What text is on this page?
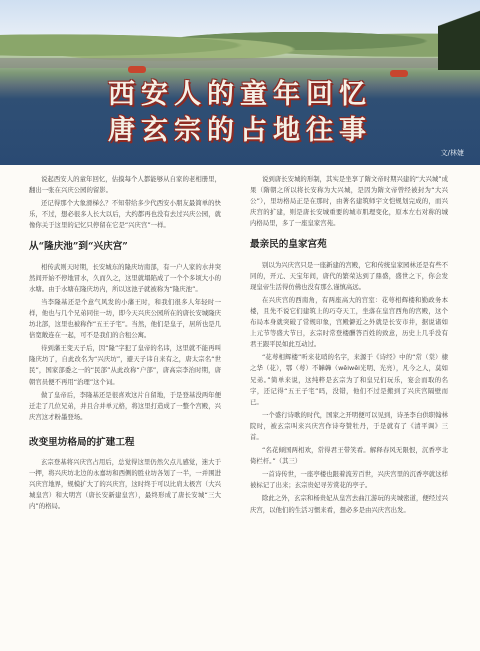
西安人的童年回忆
唐玄宗的占地往事
文/林婕

说起西安人的童年回忆，估摸每个人都能够从自家的老相册里，翻出一张在兴庆公园的留影。

还记得那个大象滑梯么？不知带给多少代西安小朋友最简单的快乐，不过，想必很多人长大以后，大约都再也没有去过兴庆公园，就像你关于这里的记忆只停留在它是“兴庆宫”一样。

从“隆庆池”到“兴庆宫”

相传武则天时期，长安城东的隆庆坊南部，有一户人家的水井突然间开始不停地冒水，久而久之，这里就塌陷成了一个个多顷大小的水塘。由于水塘在隆庆坊内，所以这池子就被称为“隆庆池”。

当李隆基还是个意气风发的小藩王时，和我们很多人年轻时一样，他也与几个兄弟同住一坊，即今天兴庆公园所在的唐长安城隆庆坊北部，这里也被称作“五王子宅”。当然，他们是皇子，居所也是几倍宽敞连在一起，可不是我们的合租公寓。

待到藩王变天子后，因“隆”字犯了皇帝的名讳，这里就不能再叫隆庆坊了，自此改名为“兴庆坊”，避天子讳自来有之，唐太宗名“世民”，国家部委之一的“民部”从此改称“户部”，唐高宗李治时期，唐朝官员便不再用“治理”这个词。

做了皇帝后，李隆基还是很喜欢这片自留地，于是登基没两年便迁走了几位兄弟，并且合并单元格，将这里打造成了一整个宫殿，兴庆宫这才粉墨登场。

改变里坊格局的扩建工程

玄宗登基将兴庆宫占用后，总觉得这里仍然欠点儿感觉，迷大于一押，将兴庆坊北边的永嘉坊和西侧的胜业坊各划了一半，一并围进兴庆宫地界，规模扩大了的兴庆宫，这时终于可以比肩太极宫（大兴城皇宫）和大明宫（唐长安新建皇宫），最终形成了唐长安城“三大内”的格局。

说到唐长安城的形制，其实是坐享了隋文帝时期兴建的“大兴城”成果（隋朝之所以将长安称为大兴城，是因为隋文帝曾经被封为“大兴公”），里坊格局正是在那时，由著名建筑师宇文恺规划完成的，而兴庆宫的扩建，则是唐长安城重要的城市肌理变化，原本左右对称的城内格局里，多了一座皇家宫苑。

最亲民的皇家宫苑

别以为兴庆宫只是一座新建的宫殿，它和传统皇家园林还是有些不同的，开元、天宝年间，唐代的繁荣达到了鼎盛，盛世之下，你会发现皇帝生活得仿佛也没有那么谨慎高远。

在兴庆宫的西南角，有两座高大的宫室：花萼相辉楼和勤政务本楼，且先不说它们建筑上的巧夺天工，坐落在皇宫西角的宫殿，这个布局本身就突破了常规印象，宫殿僻近之外就是长安市井，据说诸如上元节等盛大节日，玄宗时常登楼酬答百姓的致意，历史上几乎没有君王跟平民如此互动过。

“花萼相辉楼”听来花哨的名字，来源于《诗经》中的“常（棠）棣之华（花），鄂（萼）不韡韡（wěiwěi光明、光亮），凡今之人，莫如兄弟。”简单来说，这纯粹是玄宗为了和皇兄们玩乐，宴会而取的名字，还记得“五王子宅”吗，没错，他们不过是搬到了兴庆宫隔壁而已。

一个盛行诗歌的时代，国家之开明便可以见到，诗圣李白供职翰林院时，被玄宗叫来兴庆宫作诗夸赞牡丹，于是就有了《清平调》三首。

“名花倾国两相欢，常得君王带笑看。解释春风无限恨，沉香亭北倚栏杆。”（其三）

一首诗传世，一座亭楼也跟着流芳百世，兴庆宫里的沉香亭就这样被标记了出来；玄宗贵妃寻芳赏花的亭子。

除此之外，玄宗和杨贵妃从皇宫去曲江游玩的夹城密道，便经过兴庆宫，以他们的生活习惯来看，想必多是由兴庆宫出发。
